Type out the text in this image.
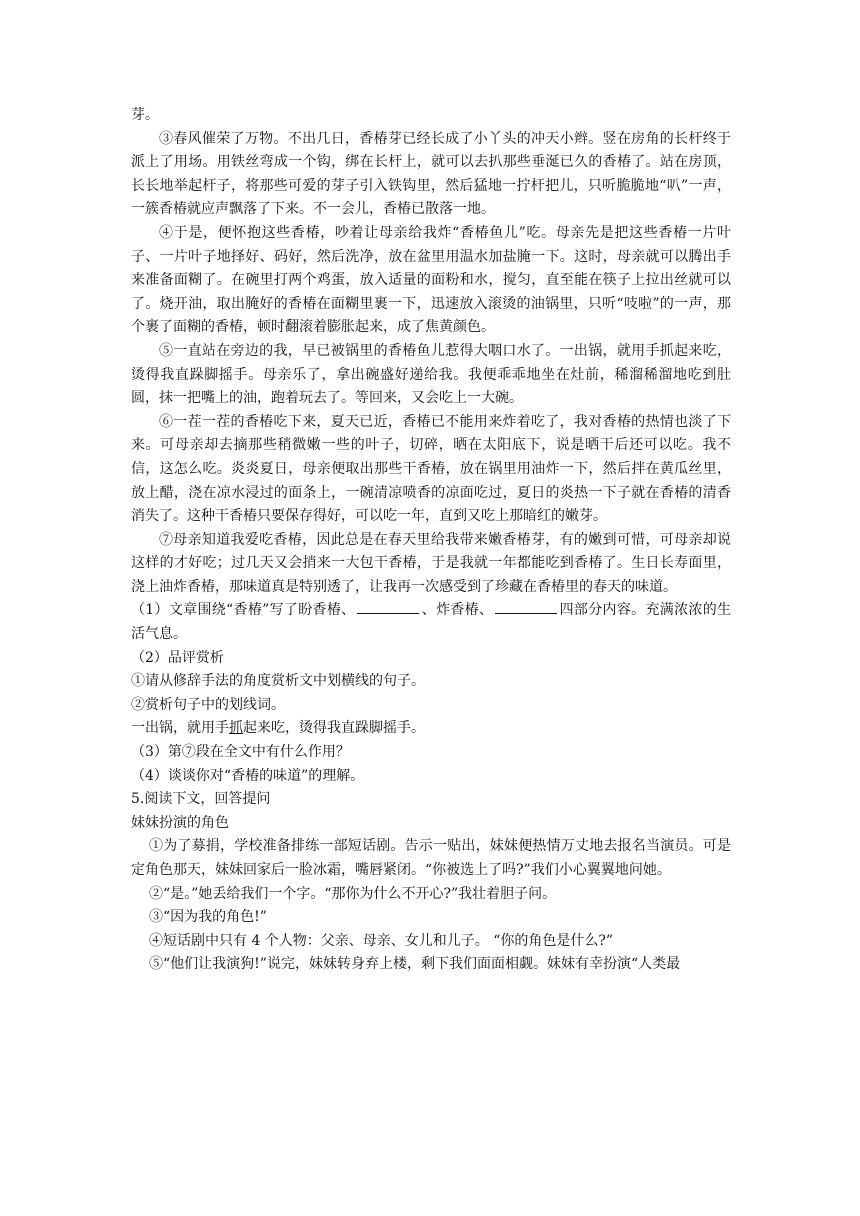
芽。

③春风催荣了万物。不出几日，香椿芽已经长成了小丫头的冲天小辫。竖在房角的长杆终于派上了用场。用铁丝弯成一个钩，绑在长杆上，就可以去扒那些垂涎已久的香椿了。站在房顶，长长地举起杆子，将那些可爱的芽子引入铁钩里，然后猛地一拧杆把儿，只听脆脆地“叭”一声，一簇香椿就应声飘落了下来。不一会儿，香椿已散落一地。

④于是，便怀抱这些香椿，吵着让母亲给我炸“香椿鱼儿”吃。母亲先是把这些香椿一片叶子、一片叶子地择好、码好，然后洗净，放在盆里用温水加盐腌一下。这时，母亲就可以腾出手来准备面糊了。在碗里打两个鸡蛋，放入适量的面粉和水，搅匀，直至能在筷子上拉出丝就可以了。烧开油，取出腌好的香椿在面糊里裹一下，迅速放入滚烫的油锅里，只听“吱啦”的一声，那个裹了面糊的香椿，顿时翻滚着膨胀起来，成了焦黄颜色。

⑤一直站在旁边的我，早已被锅里的香椿鱼儿惹得大咽口水了。一出锅，就用手抓起来吃，烫得我直跺脚摇手。母亲乐了，拿出碗盛好递给我。我便乖乖地坐在灶前，稀溜稀溜地吃到肚圆，抹一把嘴上的油，跑着玩去了。等回来，又会吃上一大碗。

⑥一茬一茬的香椿吃下来，夏天已近，香椿已不能用来炸着吃了，我对香椿的热情也淡了下来。可母亲却去摘那些稍微嫩一些的叶子，切碎，晒在太阳底下，说是晒干后还可以吃。我不信，这怎么吃。炎炎夏日，母亲便取出那些干香椿，放在锅里用油炸一下，然后拌在黄瓜丝里，放上醋，浇在凉水浸过的面条上，一碗清凉喷香的凉面吃过，夏日的炎热一下子就在香椿的清香消失了。这种干香椿只要保存得好，可以吃一年，直到又吃上那暗红的嫩芽。

⑦母亲知道我爱吃香椿，因此总是在春天里给我带来嫩香椿芽，有的嫩到可惜，可母亲却说这样的才好吃；过几天又会捎来一大包干香椿，于是我就一年都能吃到香椿了。生日长寿面里，浇上油炸香椿，那味道真是特别透了，让我再一次感受到了珍藏在香椿里的春天的味道。

（1）文章围绕“香椿”写了盼香椿、	、炸香椿、	四部分内容。充满浓浓的生活气息。

（2）品评赏析

①请从修辞手法的角度赏析文中划横线的句子。

②赏析句子中的划线词。

一出锅，就用手抓起来吃，烫得我直跺脚摇手。

（3）第⑦段在全文中有什么作用？

（4）谈谈你对“香椿的味道”的理解。

5.阅读下文，回答提问

妹妹扮演的角色

①为了募捐，学校准备排练一部短话剧。告示一贴出，妹妹便热情万丈地去报名当演员。可是定角色那天，妹妹回家后一脸冰霜，嘴唇紧闭。“你被选上了吗?”我们小心翼翼地问她。

②“是。”她丢给我们一个字。“那你为什么不开心?”我壮着胆子问。

③“因为我的角色!”

④短话剧中只有 4 个人物：父亲、母亲、女儿和儿子。 “你的角色是什么?”

⑤“他们让我演狗!”说完，妹妹转身弃上楼，剩下我们面面相觑。妹妹有幸扮演“人类最
